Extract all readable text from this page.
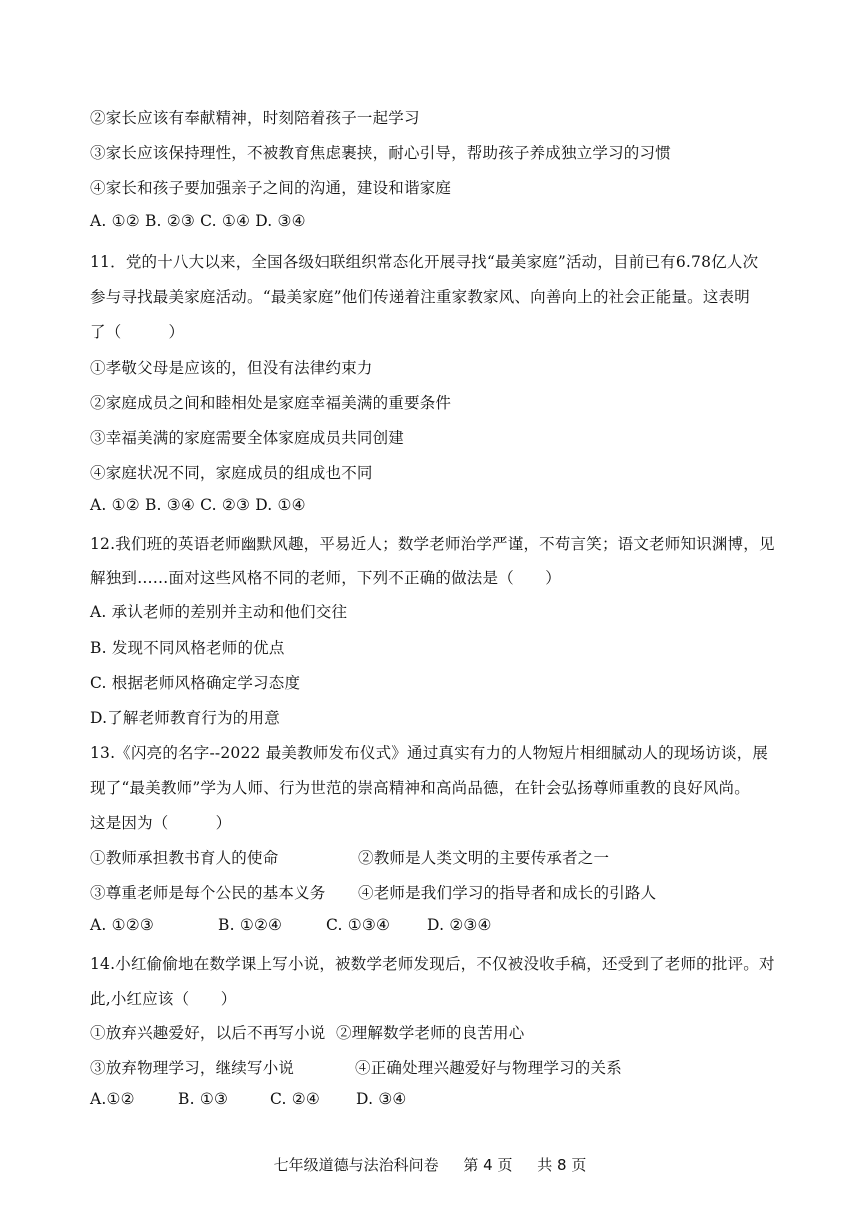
②家长应该有奉献精神，时刻陪着孩子一起学习
③家长应该保持理性，不被教育焦虑裹挟，耐心引导，帮助孩子养成独立学习的习惯
④家长和孩子要加强亲子之间的沟通，建设和谐家庭
A. ①② B. ②③ C. ①④ D. ③④
11．党的十八大以来，全国各级妇联组织常态化开展寻找“最美家庭”活动，目前已有6.78亿人次
参与寻找最美家庭活动。“最美家庭”他们传递着注重家教家风、向善向上的社会正能量。这表明
了（　　　）
①孝敬父母是应该的，但没有法律约束力
②家庭成员之间和睦相处是家庭幸福美满的重要条件
③幸福美满的家庭需要全体家庭成员共同创建
④家庭状况不同，家庭成员的组成也不同
A. ①② B. ③④ C. ②③ D. ①④
12.我们班的英语老师幽默风趣，平易近人；数学老师治学严谨，不苟言笑；语文老师知识渊博，见
解独到……面对这些风格不同的老师，下列不正确的做法是（　　）
A. 承认老师的差别并主动和他们交往
B. 发现不同风格老师的优点
C. 根据老师风格确定学习态度
D.了解老师教育行为的用意
13.《闪亮的名字--2022 最美教师发布仪式》通过真实有力的人物短片相细腻动人的现场访谈，展
现了“最美教师”学为人师、行为世范的崇高精神和高尚品德，在针会弘扬尊师重教的良好风尚。
这是因为（　　　）
①教师承担教书育人的使命	②教师是人类文明的主要传承者之一
③尊重老师是每个公民的基本义务 ④老师是我们学习的指导者和成长的引路人
A. ①②③	B. ①②④	C. ①③④ D. ②③④
14.小红偷偷地在数学课上写小说，被数学老师发现后，不仅被没收手稿，还受到了老师的批评。对
此,小红应该（　　）
①放弃兴趣爱好，以后不再写小说 ②理解数学老师的良苦用心
③放弃物理学习，继续写小说	④正确处理兴趣爱好与物理学习的关系
A.①②	B. ①③	C. ②④ D. ③④
七年级道德与法治科问卷 第 4 页 共 8 页
